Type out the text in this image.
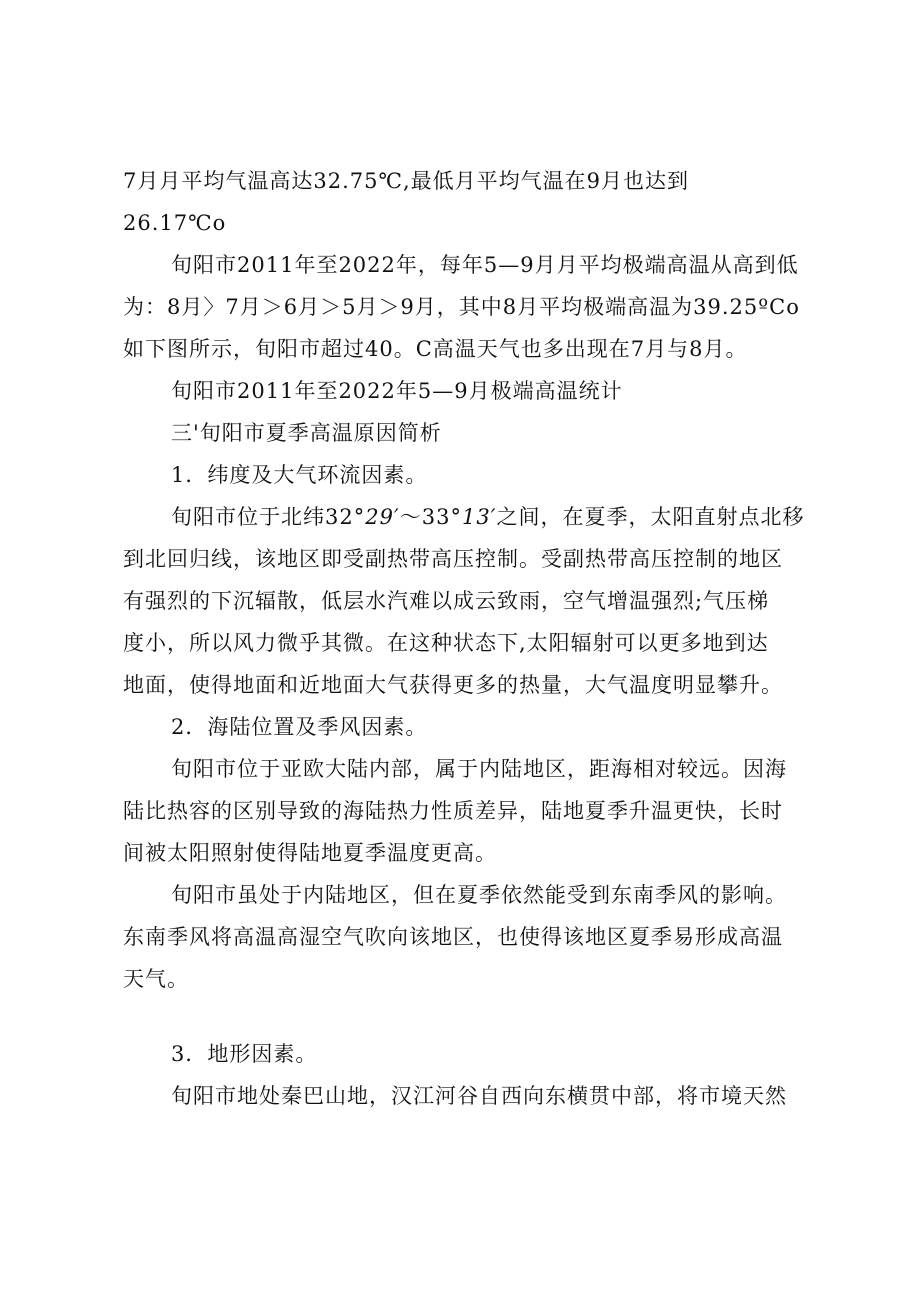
7月月平均气温高达32.75℃,最低月平均气温在9月也达到
26.17℃o
旬阳市2011年至2022年，每年5—9月月平均极端高温从高到低
为：8月〉7月＞6月＞5月＞9月，其中8月平均极端高温为39.25ºCo
如下图所示，旬阳市超过40。C高温天气也多出现在7月与8月。
旬阳市2011年至2022年5—9月极端高温统计
三'旬阳市夏季高温原因简析
1．纬度及大气环流因素。
旬阳市位于北纬32°29′～33°13′之间，在夏季，太阳直射点北移
到北回归线，该地区即受副热带高压控制。受副热带高压控制的地区
有强烈的下沉辐散，低层水汽难以成云致雨，空气增温强烈;气压梯
度小，所以风力微乎其微。在这种状态下,太阳辐射可以更多地到达
地面，使得地面和近地面大气获得更多的热量，大气温度明显攀升。
2．海陆位置及季风因素。
旬阳市位于亚欧大陆内部，属于内陆地区，距海相对较远。因海
陆比热容的区别导致的海陆热力性质差异，陆地夏季升温更快，长时
间被太阳照射使得陆地夏季温度更高。
旬阳市虽处于内陆地区，但在夏季依然能受到东南季风的影响。
东南季风将高温高湿空气吹向该地区，也使得该地区夏季易形成高温
天气。
3．地形因素。
旬阳市地处秦巴山地，汉江河谷自西向东横贯中部，将市境天然
